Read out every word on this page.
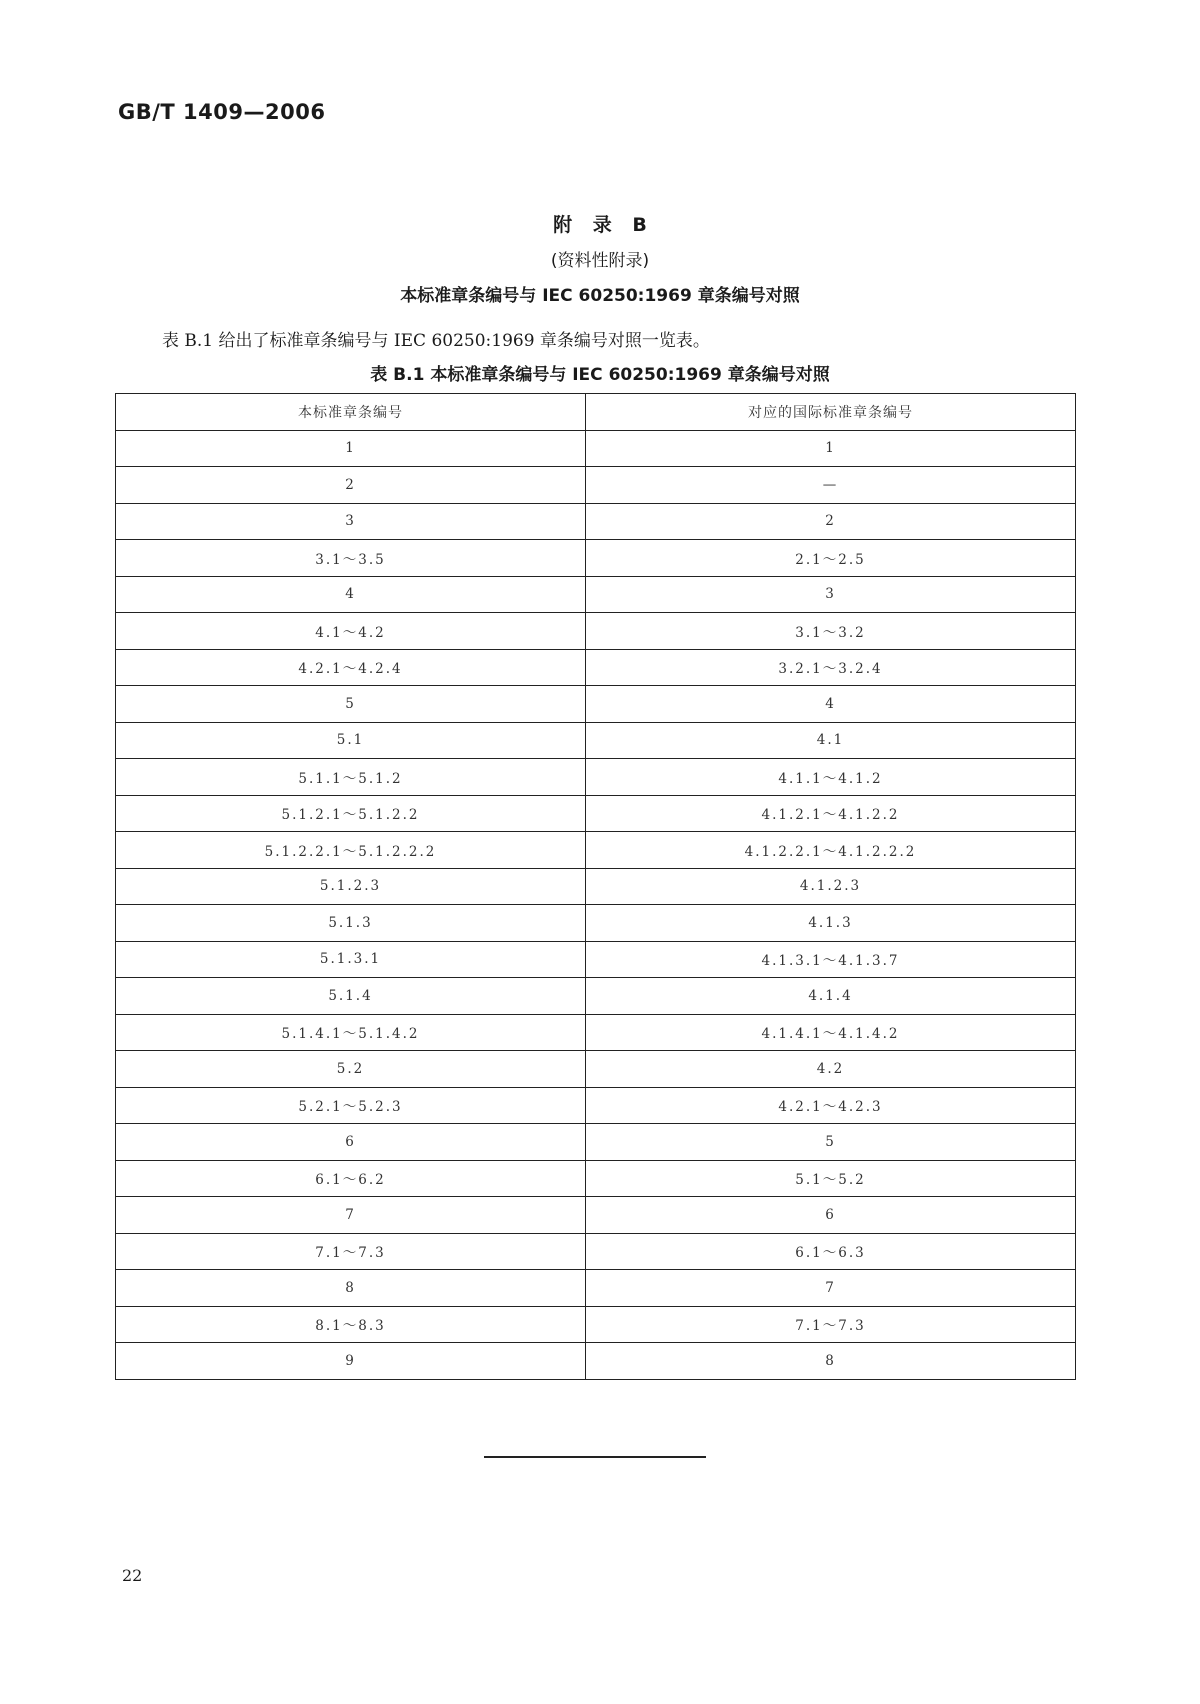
GB/T 1409—2006
附 录 B
(资料性附录)
本标准章条编号与 IEC 60250:1969 章条编号对照
表 B.1 给出了标准章条编号与 IEC 60250:1969 章条编号对照一览表。
表 B.1 本标准章条编号与 IEC 60250:1969 章条编号对照
本标准章条编号	对应的国际标准章条编号
1	1
2	—
3	2
3.1～3.5	2.1～2.5
4	3
4.1～4.2	3.1～3.2
4.2.1～4.2.4	3.2.1～3.2.4
5	4
5.1	4.1
5.1.1～5.1.2	4.1.1～4.1.2
5.1.2.1～5.1.2.2	4.1.2.1～4.1.2.2
5.1.2.2.1～5.1.2.2.2	4.1.2.2.1～4.1.2.2.2
5.1.2.3	4.1.2.3
5.1.3	4.1.3
5.1.3.1	4.1.3.1～4.1.3.7
5.1.4	4.1.4
5.1.4.1～5.1.4.2	4.1.4.1～4.1.4.2
5.2	4.2
5.2.1～5.2.3	4.2.1～4.2.3
6	5
6.1～6.2	5.1～5.2
7	6
7.1～7.3	6.1～6.3
8	7
8.1～8.3	7.1～7.3
9	8
22
